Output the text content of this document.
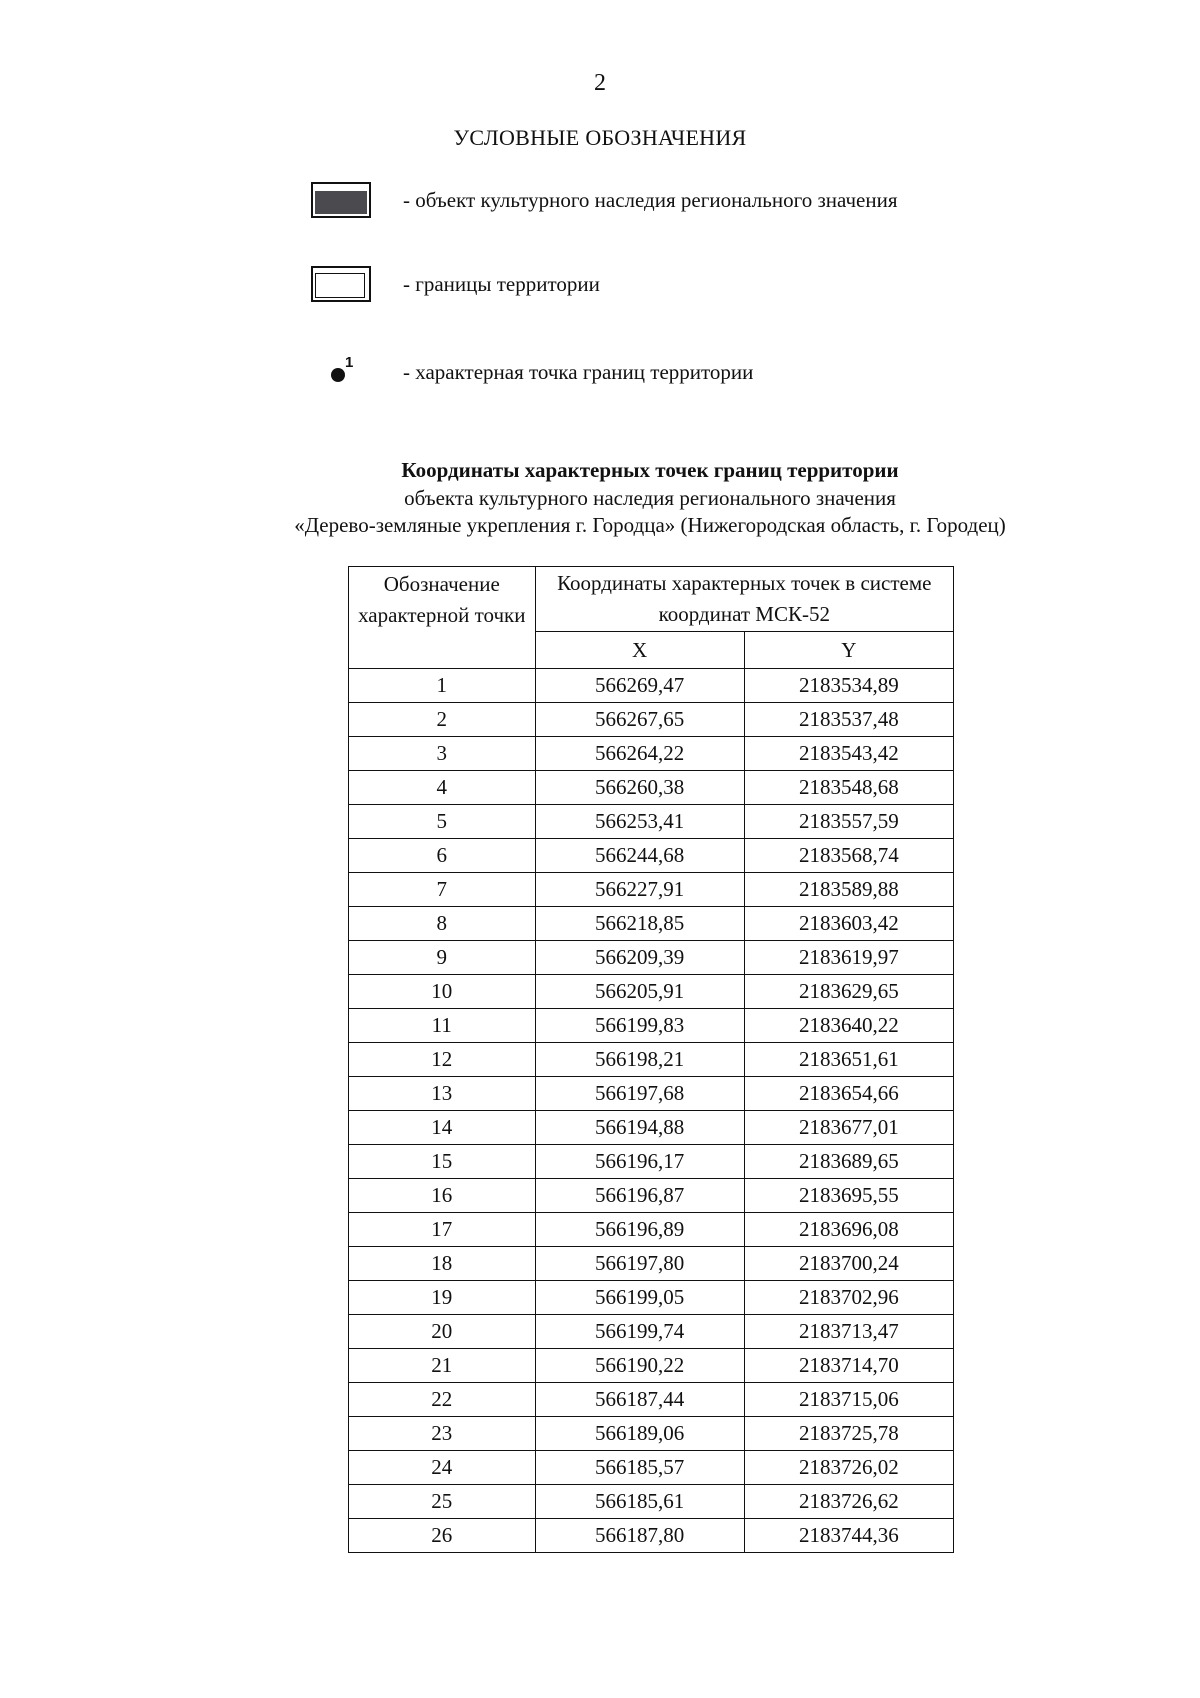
2
УСЛОВНЫЕ ОБОЗНАЧЕНИЯ
- объект культурного наследия регионального значения
- границы территории
1 - характерная точка границ территории
Координаты характерных точек границ территории
объекта культурного наследия регионального значения
«Дерево-земляные укрепления г. Городца» (Нижегородская область, г. Городец)
Обозначение характерной точки	Координаты характерных точек в системе координат МСК-52	
	X	Y
1	566269,47	2183534,89
2	566267,65	2183537,48
3	566264,22	2183543,42
4	566260,38	2183548,68
5	566253,41	2183557,59
6	566244,68	2183568,74
7	566227,91	2183589,88
8	566218,85	2183603,42
9	566209,39	2183619,97
10	566205,91	2183629,65
11	566199,83	2183640,22
12	566198,21	2183651,61
13	566197,68	2183654,66
14	566194,88	2183677,01
15	566196,17	2183689,65
16	566196,87	2183695,55
17	566196,89	2183696,08
18	566197,80	2183700,24
19	566199,05	2183702,96
20	566199,74	2183713,47
21	566190,22	2183714,70
22	566187,44	2183715,06
23	566189,06	2183725,78
24	566185,57	2183726,02
25	566185,61	2183726,62
26	566187,80	2183744,36
